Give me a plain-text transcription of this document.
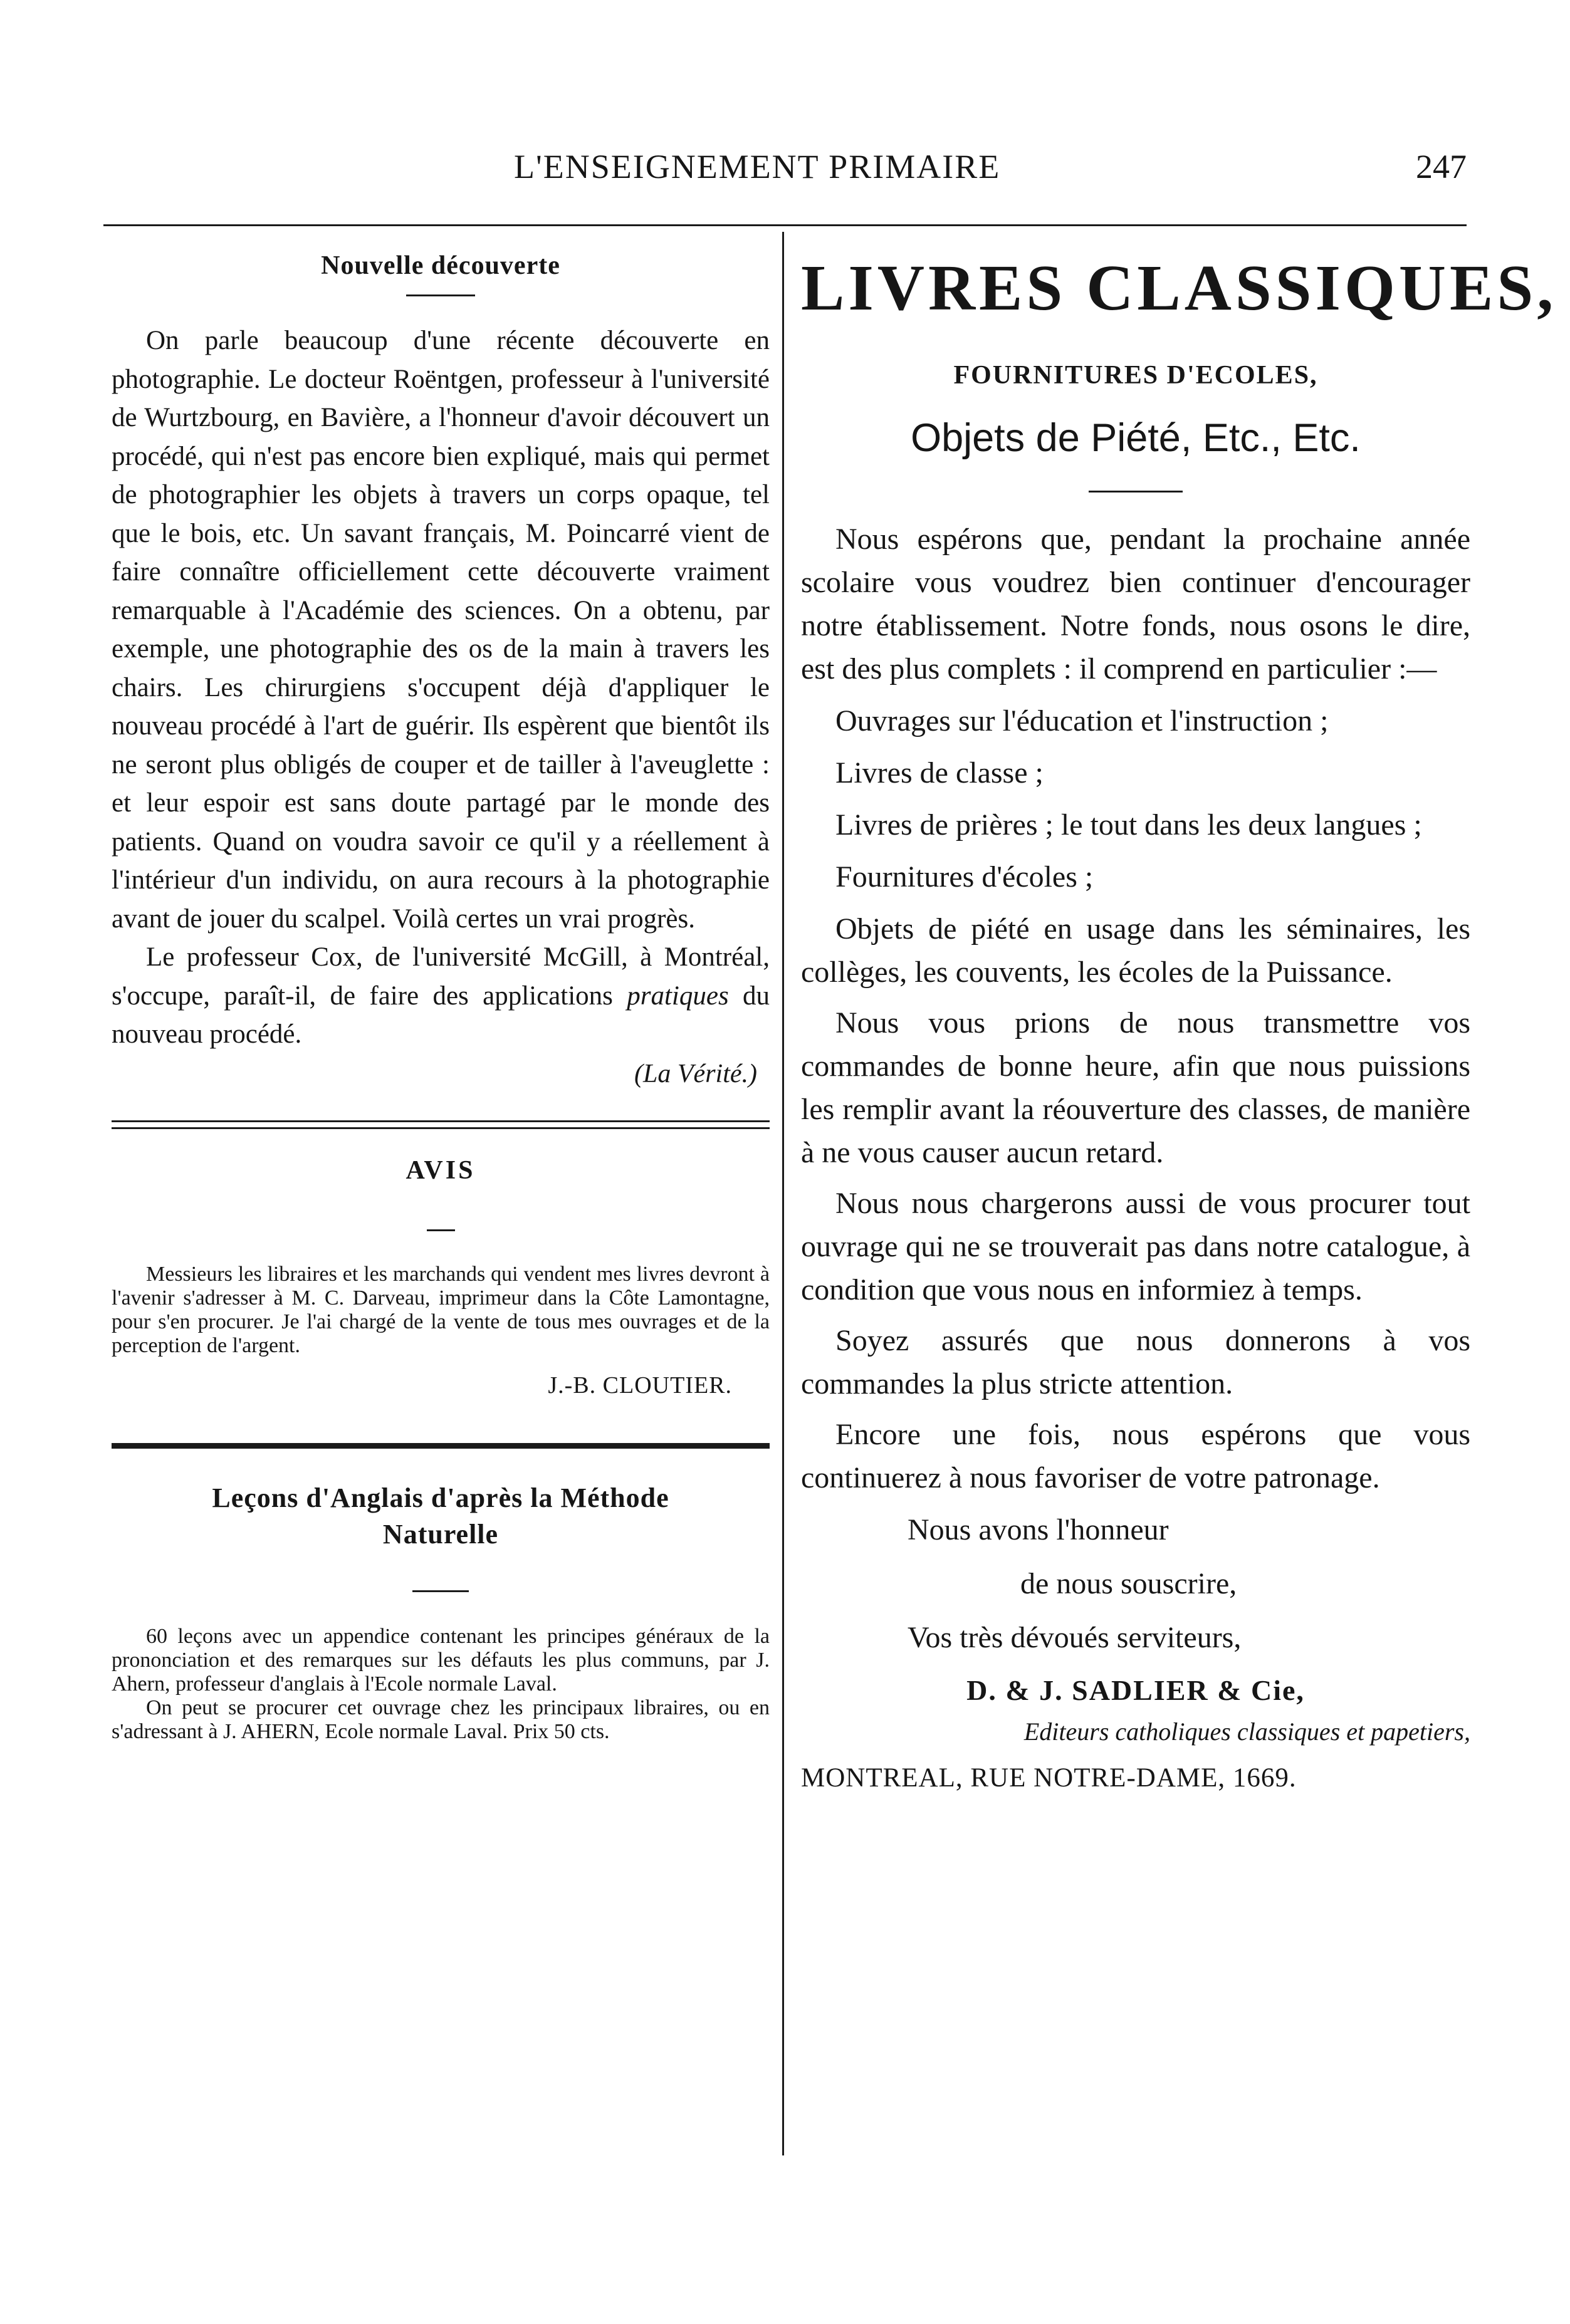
L'ENSEIGNEMENT PRIMAIRE	247
Nouvelle découverte

On parle beaucoup d'une récente découverte en photographie. Le docteur Roëntgen, professeur à l'université de Wurtzbourg, en Bavière, a l'honneur d'avoir découvert un procédé, qui n'est pas encore bien expliqué, mais qui permet de photographier les objets à travers un corps opaque, tel que le bois, etc. Un savant français, M. Poincarré vient de faire connaître officiellement cette découverte vraiment remarquable à l'Académie des sciences. On a obtenu, par exemple, une photographie des os de la main à travers les chairs. Les chirurgiens s'occupent déjà d'appliquer le nouveau procédé à l'art de guérir. Ils espèrent que bientôt ils ne seront plus obligés de couper et de tailler à l'aveuglette : et leur espoir est sans doute partagé par le monde des patients. Quand on voudra savoir ce qu'il y a réellement à l'intérieur d'un individu, on aura recours à la photographie avant de jouer du scalpel. Voilà certes un vrai progrès.

Le professeur Cox, de l'université McGill, à Montréal, s'occupe, paraît-il, de faire des applications pratiques du nouveau procédé.

(La Vérité.)

AVIS

Messieurs les libraires et les marchands qui vendent mes livres devront à l'avenir s'adresser à M. C. Darveau, imprimeur dans la Côte Lamontagne, pour s'en procurer. Je l'ai chargé de la vente de tous mes ouvrages et de la perception de l'argent.

J.-B. CLOUTIER.

Leçons d'Anglais d'après la Méthode
Naturelle

60 leçons avec un appendice contenant les principes généraux de la prononciation et des remarques sur les défauts les plus communs, par J. Ahern, professeur d'anglais à l'Ecole normale Laval.

On peut se procurer cet ouvrage chez les principaux libraires, ou en s'adressant à J. AHERN, Ecole normale Laval. Prix 50 cts.

LIVRES CLASSIQUES,

FOURNITURES D'ECOLES,

Objets de Piété, Etc., Etc.

Nous espérons que, pendant la prochaine année scolaire vous voudrez bien continuer d'encourager notre établissement. Notre fonds, nous osons le dire, est des plus complets : il comprend en particulier :—

Ouvrages sur l'éducation et l'instruction ;

Livres de classe ;

Livres de prières ; le tout dans les deux langues ;

Fournitures d'écoles ;

Objets de piété en usage dans les séminaires, les collèges, les couvents, les écoles de la Puissance.

Nous vous prions de nous transmettre vos commandes de bonne heure, afin que nous puissions les remplir avant la réouverture des classes, de manière à ne vous causer aucun retard.

Nous nous chargerons aussi de vous procurer tout ouvrage qui ne se trouverait pas dans notre catalogue, à condition que vous nous en informiez à temps.

Soyez assurés que nous donnerons à vos commandes la plus stricte attention.

Encore une fois, nous espérons que vous continuerez à nous favoriser de votre patronage.

Nous avons l'honneur

de nous souscrire,

Vos très dévoués serviteurs,

D. & J. SADLIER & Cie,

Editeurs catholiques classiques et papetiers,

MONTREAL, RUE NOTRE-DAME, 1669.
